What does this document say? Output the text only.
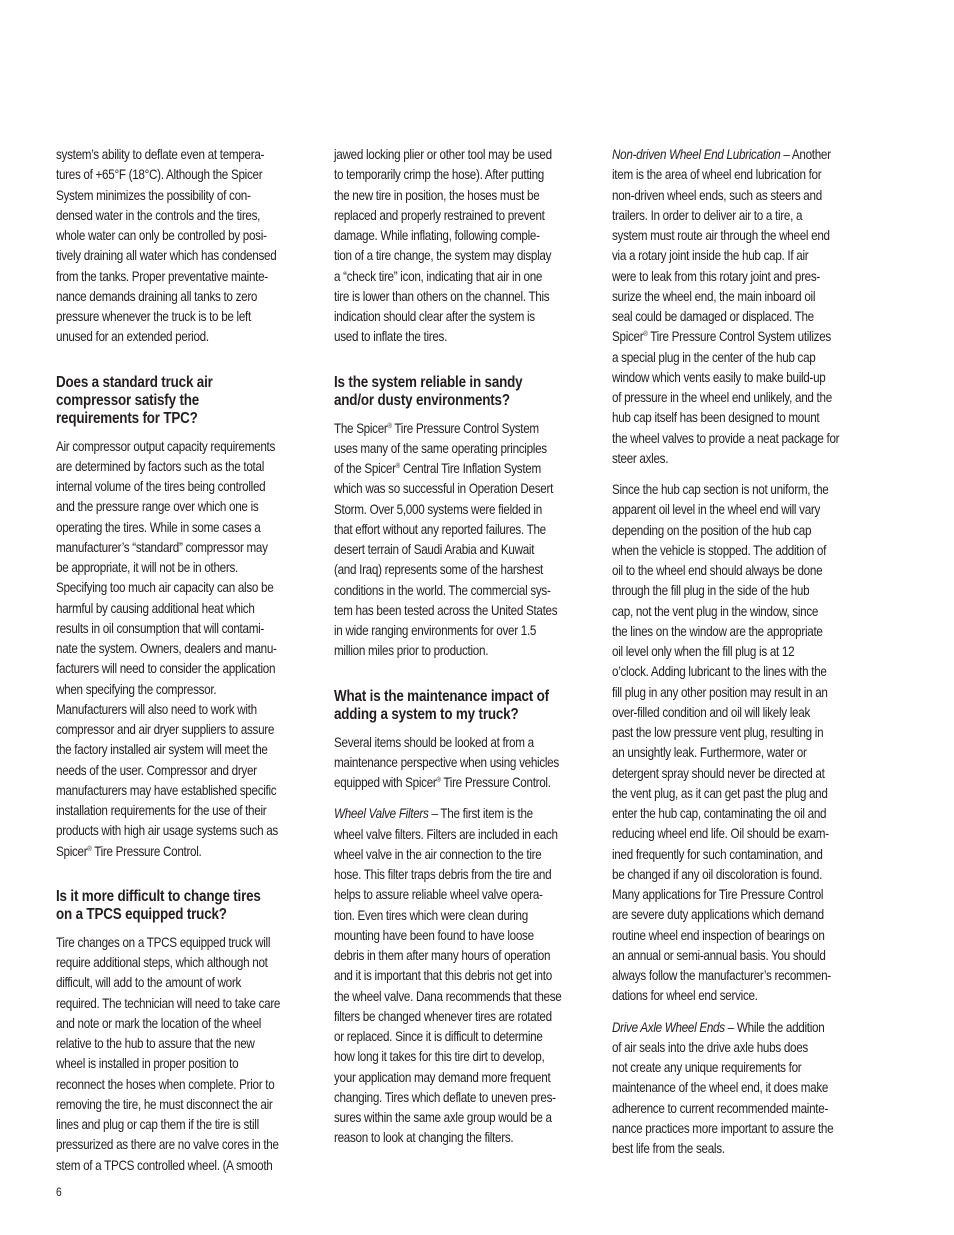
system’s ability to deflate even at tempera-
tures of +65°F (18°C). Although the Spicer
System minimizes the possibility of con-
densed water in the controls and the tires,
whole water can only be controlled by posi-
tively draining all water which has condensed
from the tanks. Proper preventative mainte-
nance demands draining all tanks to zero
pressure whenever the truck is to be left
unused for an extended period.
Does a standard truck air
compressor satisfy the
requirements for TPC?
Air compressor output capacity requirements
are determined by factors such as the total
internal volume of the tires being controlled
and the pressure range over which one is
operating the tires. While in some cases a
manufacturer’s “standard” compressor may
be appropriate, it will not be in others.
Specifying too much air capacity can also be
harmful by causing additional heat which
results in oil consumption that will contami-
nate the system. Owners, dealers and manu-
facturers will need to consider the application
when specifying the compressor.
Manufacturers will also need to work with
compressor and air dryer suppliers to assure
the factory installed air system will meet the
needs of the user. Compressor and dryer
manufacturers may have established specific
installation requirements for the use of their
products with high air usage systems such as
Spicer® Tire Pressure Control.
Is it more difficult to change tires
on a TPCS equipped truck?
Tire changes on a TPCS equipped truck will
require additional steps, which although not
difficult, will add to the amount of work
required. The technician will need to take care
and note or mark the location of the wheel
relative to the hub to assure that the new
wheel is installed in proper position to
reconnect the hoses when complete. Prior to
removing the tire, he must disconnect the air
lines and plug or cap them if the tire is still
pressurized as there are no valve cores in the
stem of a TPCS controlled wheel. (A smooth
jawed locking plier or other tool may be used
to temporarily crimp the hose). After putting
the new tire in position, the hoses must be
replaced and properly restrained to prevent
damage. While inflating, following comple-
tion of a tire change, the system may display
a “check tire” icon, indicating that air in one
tire is lower than others on the channel. This
indication should clear after the system is
used to inflate the tires.
Is the system reliable in sandy
and/or dusty environments?
The Spicer® Tire Pressure Control System
uses many of the same operating principles
of the Spicer® Central Tire Inflation System
which was so successful in Operation Desert
Storm. Over 5,000 systems were fielded in
that effort without any reported failures. The
desert terrain of Saudi Arabia and Kuwait
(and Iraq) represents some of the harshest
conditions in the world. The commercial sys-
tem has been tested across the United States
in wide ranging environments for over 1.5
million miles prior to production.
What is the maintenance impact of
adding a system to my truck?
Several items should be looked at from a
maintenance perspective when using vehicles
equipped with Spicer® Tire Pressure Control.
Wheel Valve Filters – The first item is the
wheel valve filters. Filters are included in each
wheel valve in the air connection to the tire
hose. This filter traps debris from the tire and
helps to assure reliable wheel valve opera-
tion. Even tires which were clean during
mounting have been found to have loose
debris in them after many hours of operation
and it is important that this debris not get into
the wheel valve. Dana recommends that these
filters be changed whenever tires are rotated
or replaced. Since it is difficult to determine
how long it takes for this tire dirt to develop,
your application may demand more frequent
changing. Tires which deflate to uneven pres-
sures within the same axle group would be a
reason to look at changing the filters.
Non-driven Wheel End Lubrication – Another
item is the area of wheel end lubrication for
non-driven wheel ends, such as steers and
trailers. In order to deliver air to a tire, a
system must route air through the wheel end
via a rotary joint inside the hub cap. If air
were to leak from this rotary joint and pres-
surize the wheel end, the main inboard oil
seal could be damaged or displaced. The
Spicer® Tire Pressure Control System utilizes
a special plug in the center of the hub cap
window which vents easily to make build-up
of pressure in the wheel end unlikely, and the
hub cap itself has been designed to mount
the wheel valves to provide a neat package for
steer axles.
Since the hub cap section is not uniform, the
apparent oil level in the wheel end will vary
depending on the position of the hub cap
when the vehicle is stopped. The addition of
oil to the wheel end should always be done
through the fill plug in the side of the hub
cap, not the vent plug in the window, since
the lines on the window are the appropriate
oil level only when the fill plug is at 12
o’clock. Adding lubricant to the lines with the
fill plug in any other position may result in an
over-filled condition and oil will likely leak
past the low pressure vent plug, resulting in
an unsightly leak. Furthermore, water or
detergent spray should never be directed at
the vent plug, as it can get past the plug and
enter the hub cap, contaminating the oil and
reducing wheel end life. Oil should be exam-
ined frequently for such contamination, and
be changed if any oil discoloration is found.
Many applications for Tire Pressure Control
are severe duty applications which demand
routine wheel end inspection of bearings on
an annual or semi-annual basis. You should
always follow the manufacturer’s recommen-
dations for wheel end service.
Drive Axle Wheel Ends – While the addition
of air seals into the drive axle hubs does
not create any unique requirements for
maintenance of the wheel end, it does make
adherence to current recommended mainte-
nance practices more important to assure the
best life from the seals.
6
